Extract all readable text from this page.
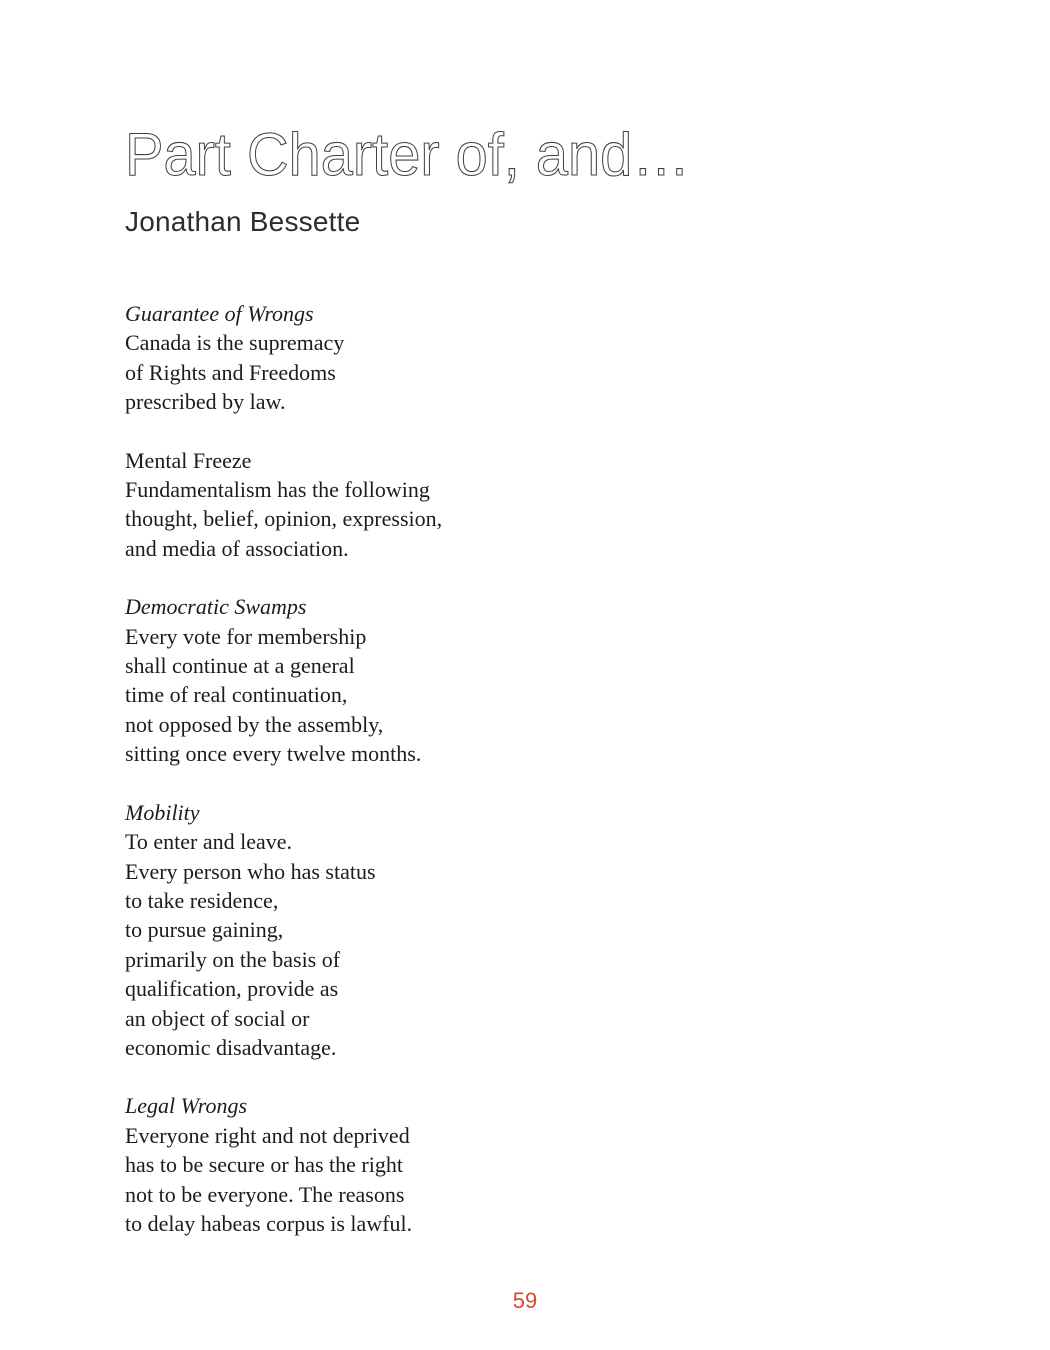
Part Charter of, and…
Jonathan Bessette
Guarantee of Wrongs
Canada is the supremacy
of Rights and Freedoms
prescribed by law.
Mental Freeze
Fundamentalism has the following
thought, belief, opinion, expression,
and media of association.
Democratic Swamps
Every vote for membership
shall continue at a general
time of real continuation,
not opposed by the assembly,
sitting once every twelve months.
Mobility
To enter and leave.
Every person who has status
to take residence,
to pursue gaining,
primarily on the basis of
qualification, provide as
an object of social or
economic disadvantage.
Legal Wrongs
Everyone right and not deprived
has to be secure or has the right
not to be everyone. The reasons
to delay habeas corpus is lawful.
59
